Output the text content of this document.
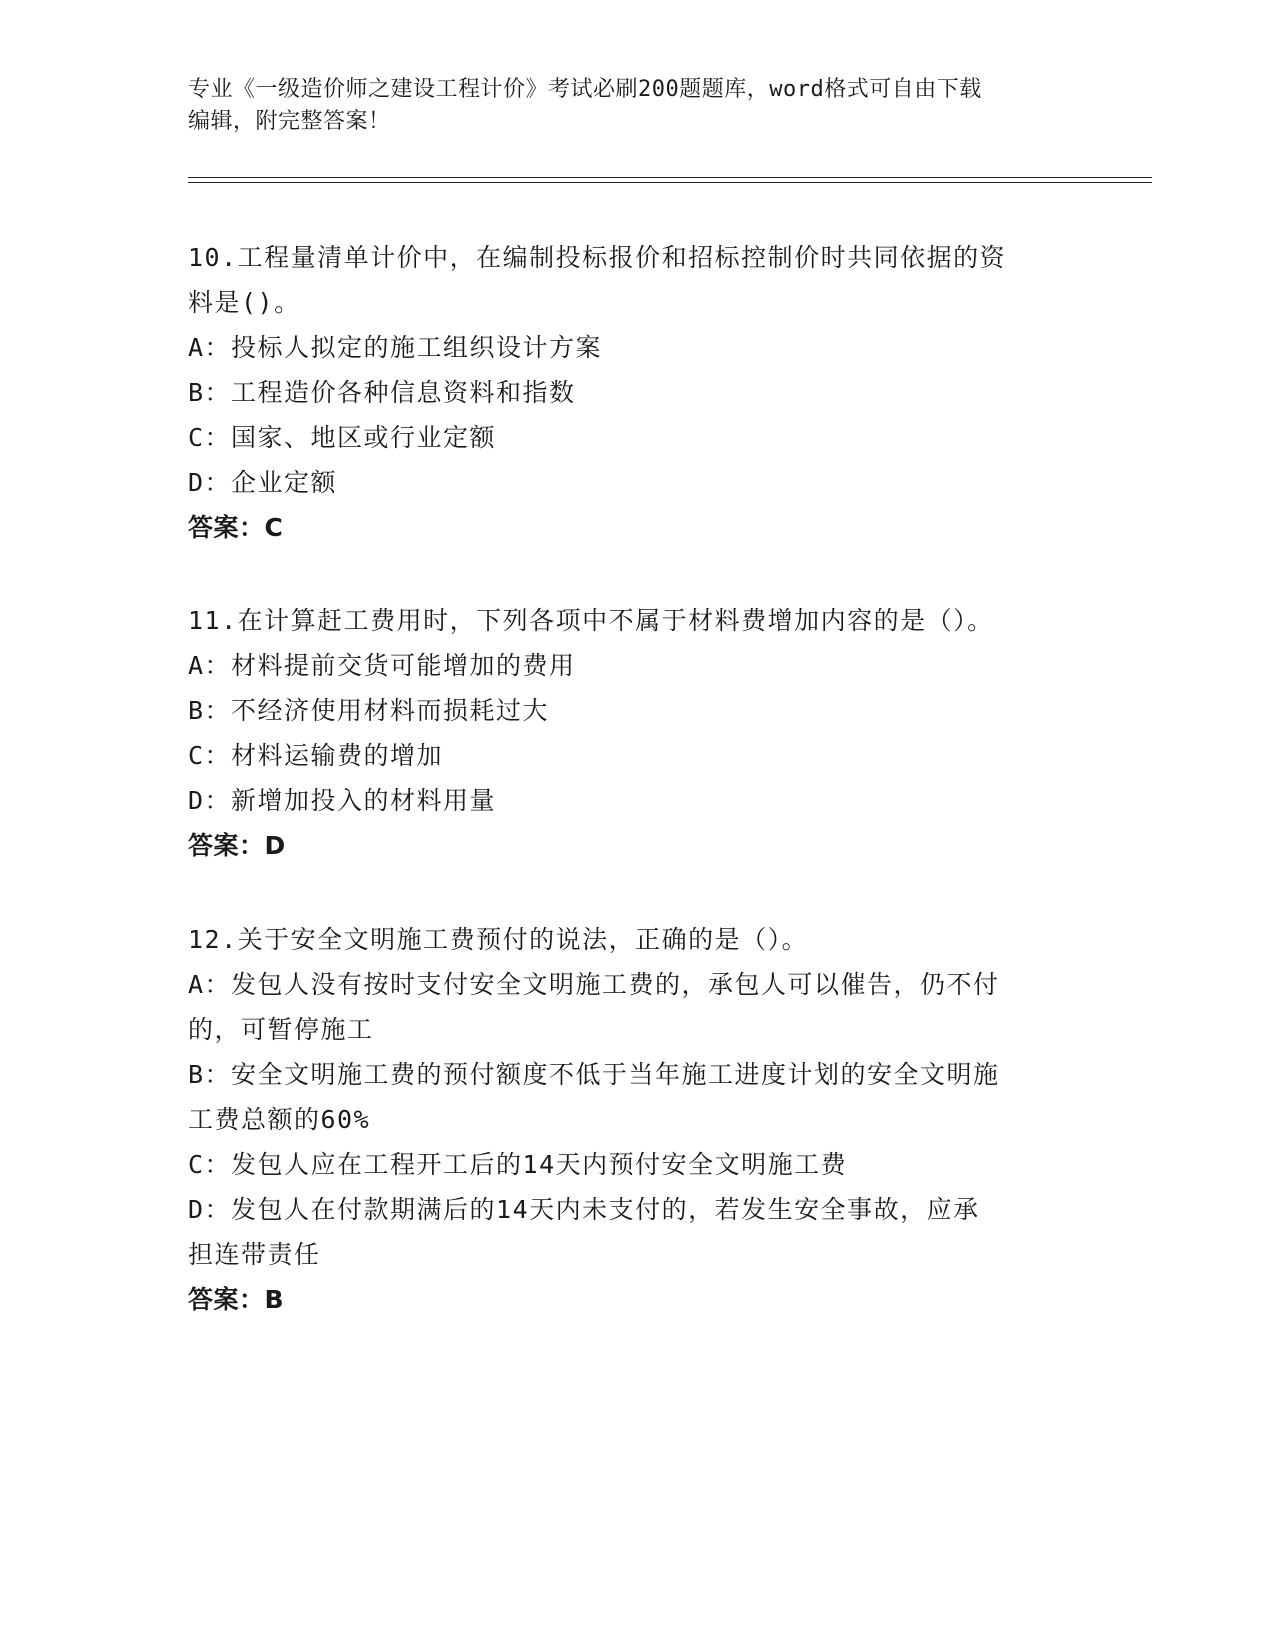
专业《一级造价师之建设工程计价》考试必刷200题题库，word格式可自由下载
编辑，附完整答案！
10.工程量清单计价中，在编制投标报价和招标控制价时共同依据的资
料是()。
A：投标人拟定的施工组织设计方案
B：工程造价各种信息资料和指数
C：国家、地区或行业定额
D：企业定额
答案：C
11.在计算赶工费用时，下列各项中不属于材料费增加内容的是（）。
A：材料提前交货可能增加的费用
B：不经济使用材料而损耗过大
C：材料运输费的增加
D：新增加投入的材料用量
答案：D
12.关于安全文明施工费预付的说法，正确的是（）。
A：发包人没有按时支付安全文明施工费的，承包人可以催告，仍不付
的，可暂停施工
B：安全文明施工费的预付额度不低于当年施工进度计划的安全文明施
工费总额的60%
C：发包人应在工程开工后的14天内预付安全文明施工费
D：发包人在付款期满后的14天内未支付的，若发生安全事故，应承
担连带责任
答案：B
